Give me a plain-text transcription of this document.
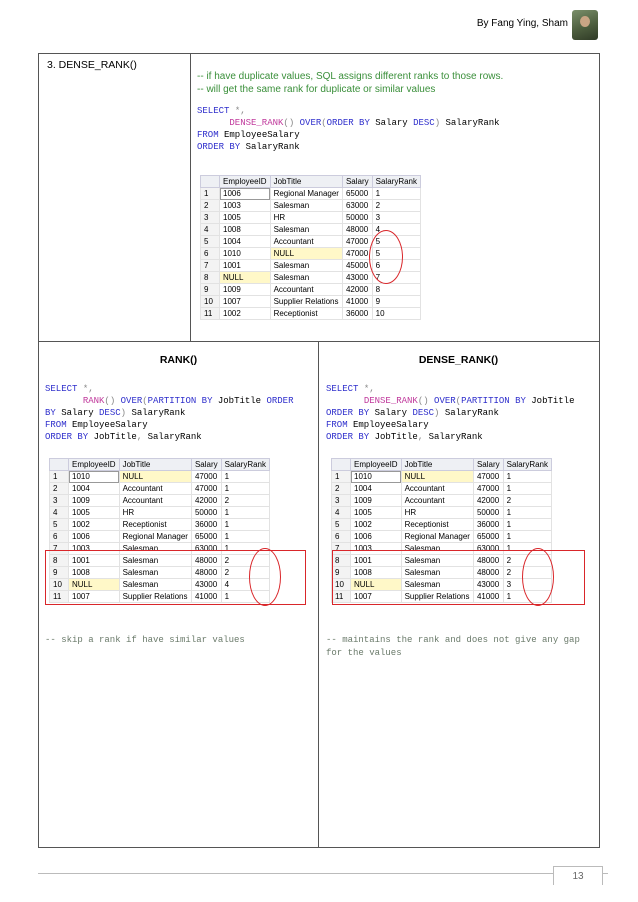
By Fang Ying, Sham
3. DENSE_RANK()
-- if have duplicate values, SQL assigns different ranks to those rows.
-- will get the same rank for duplicate or similar values
SELECT *,
DENSE_RANK() OVER(ORDER BY Salary DESC) SalaryRank
FROM EmployeeSalary
ORDER BY SalaryRank
	EmployeeID	JobTitle	Salary	SalaryRank
1	1006	Regional Manager	65000	1
2	1003	Salesman	63000	2
3	1005	HR	50000	3
4	1008	Salesman	48000	4
5	1004	Accountant	47000	5
6	1010	NULL	47000	5
7	1001	Salesman	45000	6
8	NULL	Salesman	43000	7
9	1009	Accountant	42000	8
10	1007	Supplier Relations	41000	9
11	1002	Receptionist	36000	10
RANK()
SELECT *,
RANK() OVER(PARTITION BY JobTitle ORDER
BY Salary DESC) SalaryRank
FROM EmployeeSalary
ORDER BY JobTitle, SalaryRank
	EmployeeID	JobTitle	Salary	SalaryRank
1	1010	NULL	47000	1
2	1004	Accountant	47000	1
3	1009	Accountant	42000	2
4	1005	HR	50000	1
5	1002	Receptionist	36000	1
6	1006	Regional Manager	65000	1
7	1003	Salesman	63000	1
8	1001	Salesman	48000	2
9	1008	Salesman	48000	2
10	NULL	Salesman	43000	4
11	1007	Supplier Relations	41000	1
-- skip a rank if have similar values
DENSE_RANK()
SELECT *,
DENSE_RANK() OVER(PARTITION BY JobTitle
ORDER BY Salary DESC) SalaryRank
FROM EmployeeSalary
ORDER BY JobTitle, SalaryRank
	EmployeeID	JobTitle	Salary	SalaryRank
1	1010	NULL	47000	1
2	1004	Accountant	47000	1
3	1009	Accountant	42000	2
4	1005	HR	50000	1
5	1002	Receptionist	36000	1
6	1006	Regional Manager	65000	1
7	1003	Salesman	63000	1
8	1001	Salesman	48000	2
9	1008	Salesman	48000	2
10	NULL	Salesman	43000	3
11	1007	Supplier Relations	41000	1
-- maintains the rank and does not give any gap
for the values
13
